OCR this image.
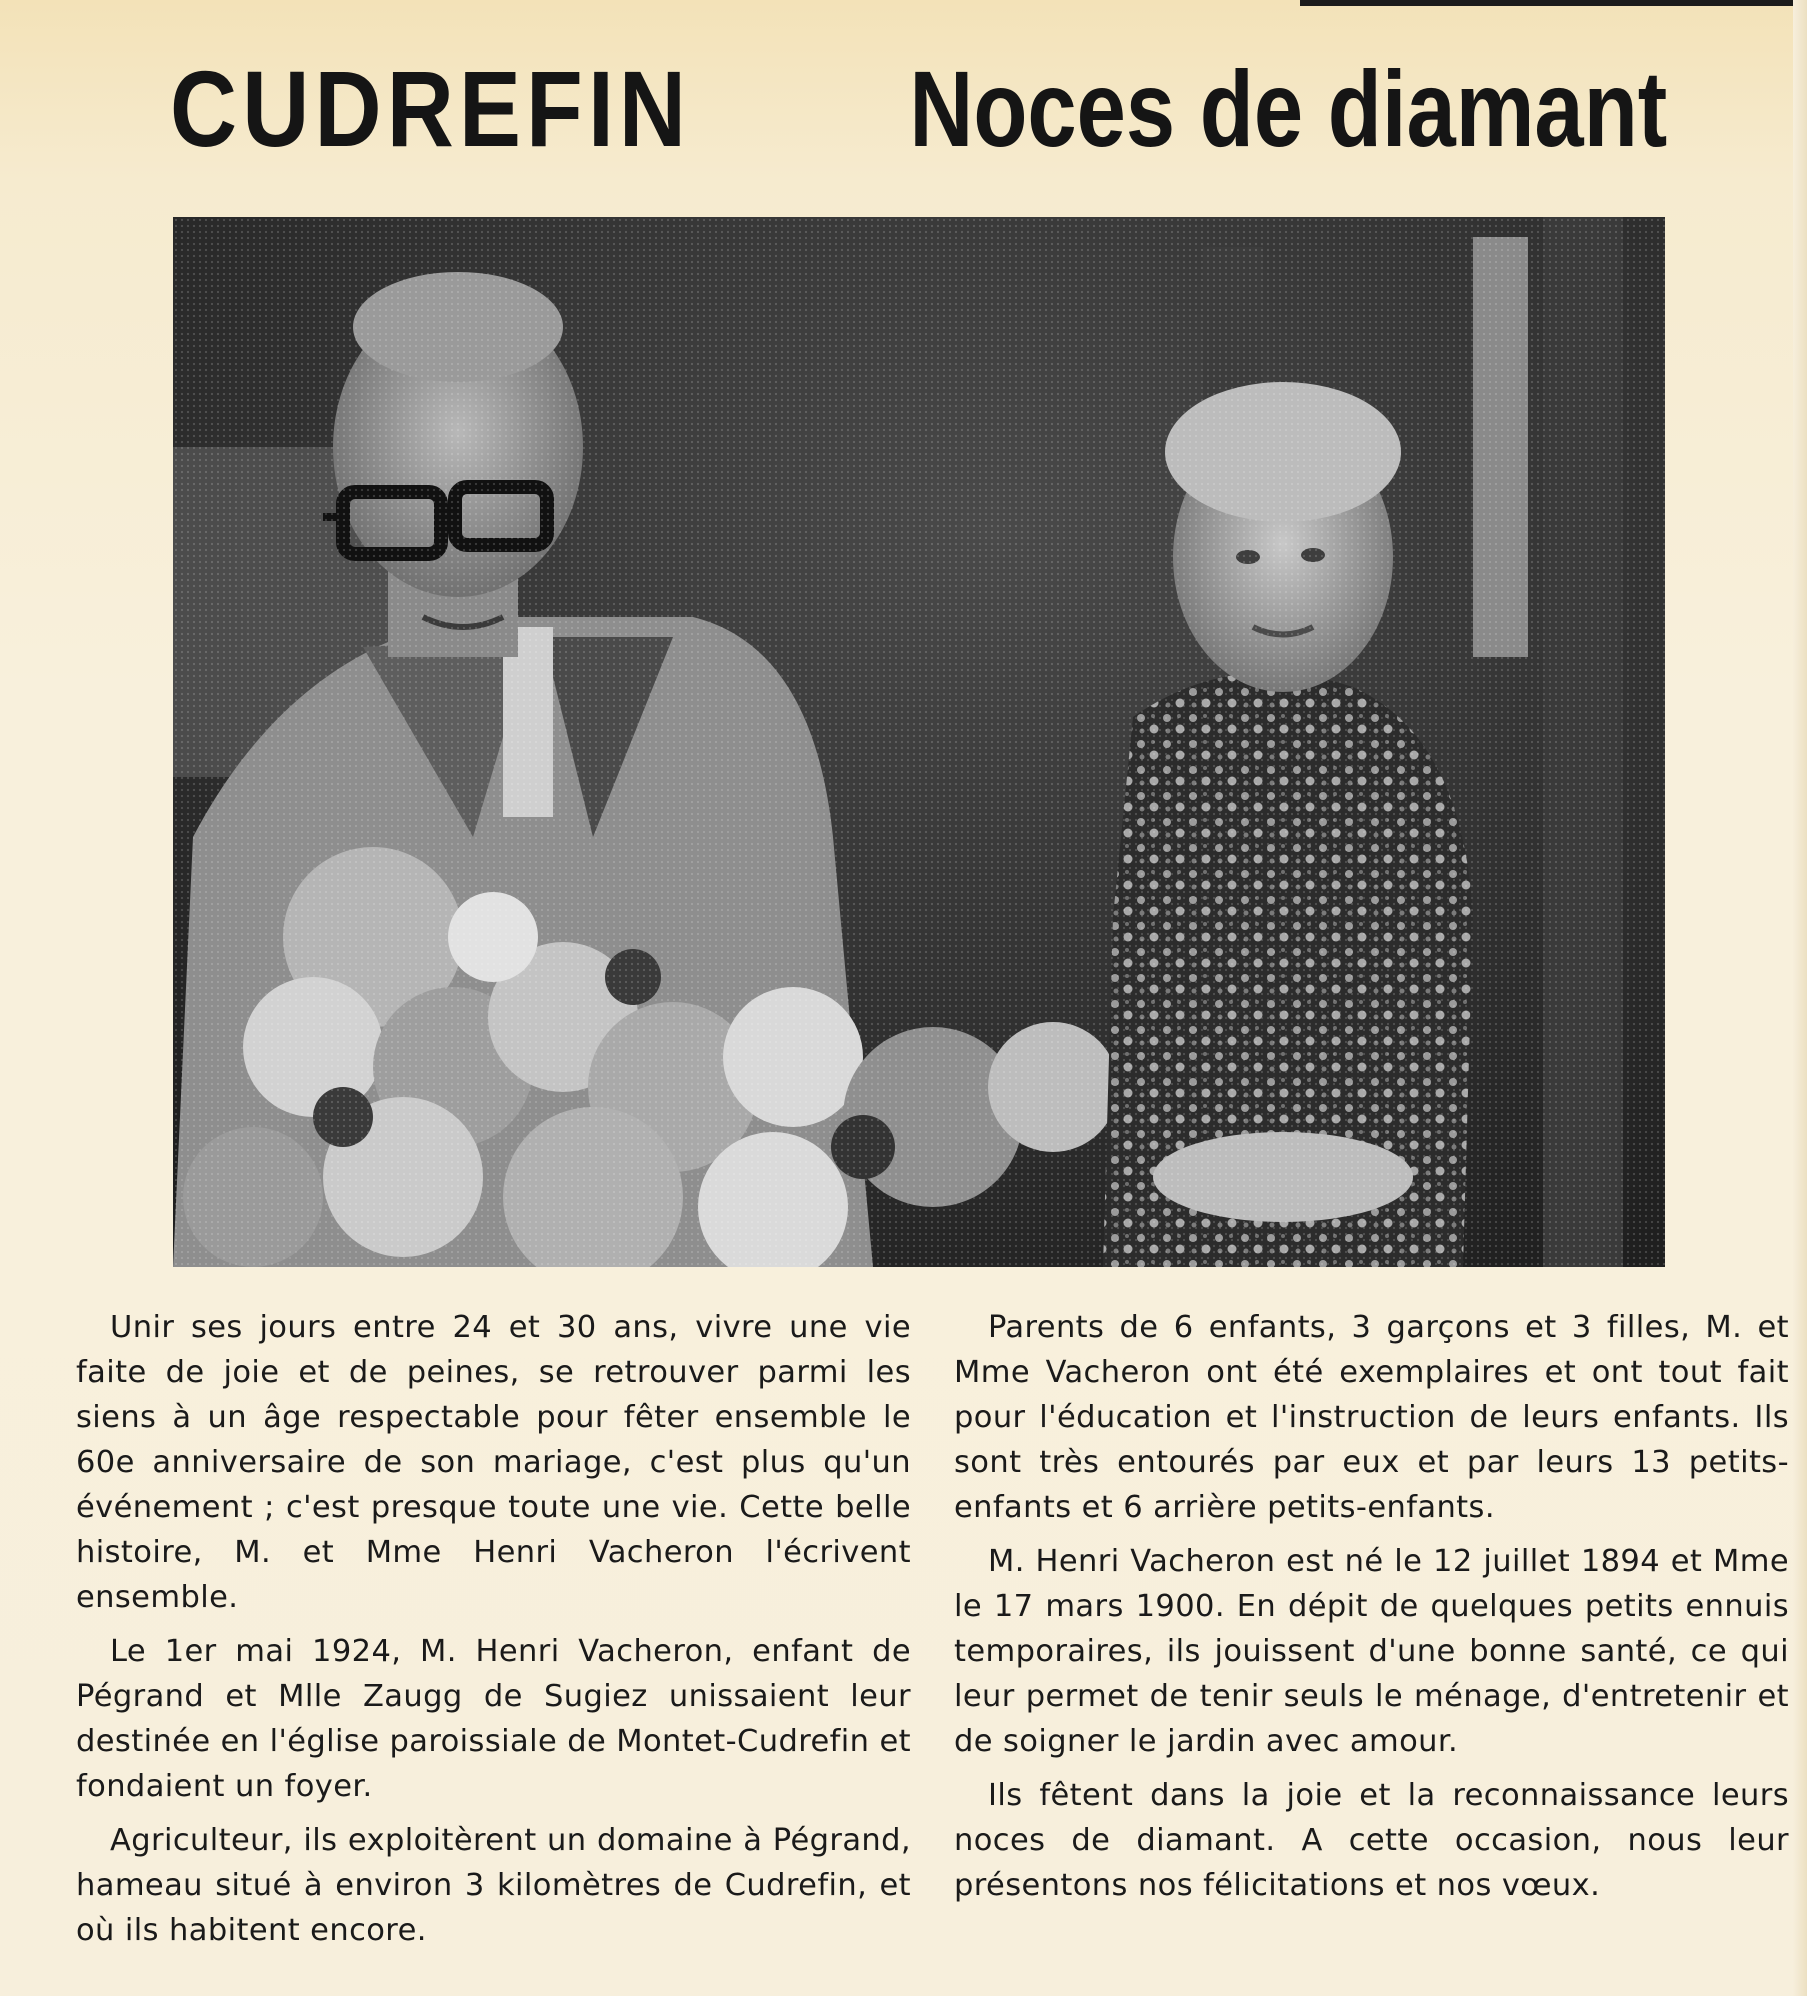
CUDREFIN Noces de diamant

Unir ses jours entre 24 et 30 ans, vivre une vie faite de joie et de peines, se retrouver parmi les siens à un âge respectable pour fêter ensemble le 60e anniversaire de son mariage, c'est plus qu'un événement ; c'est presque toute une vie. Cette belle histoire, M. et Mme Henri Vacheron l'écrivent ensemble.

Le 1er mai 1924, M. Henri Vacheron, enfant de Pégrand et Mlle Zaugg de Sugiez unissaient leur destinée en l'église paroissiale de Montet-Cudrefin et fondaient un foyer.

Agriculteur, ils exploitèrent un domaine à Pégrand, hameau situé à environ 3 kilomètres de Cudrefin, et où ils habitent encore.

Parents de 6 enfants, 3 garçons et 3 filles, M. et Mme Vacheron ont été exemplaires et ont tout fait pour l'éducation et l'instruction de leurs enfants. Ils sont très entourés par eux et par leurs 13 petits-enfants et 6 arrière petits-enfants.

M. Henri Vacheron est né le 12 juillet 1894 et Mme le 17 mars 1900. En dépit de quelques petits ennuis temporaires, ils jouissent d'une bonne santé, ce qui leur permet de tenir seuls le ménage, d'entretenir et de soigner le jardin avec amour.

Ils fêtent dans la joie et la reconnaissance leurs noces de diamant. A cette occasion, nous leur présentons nos félicitations et nos vœux.
